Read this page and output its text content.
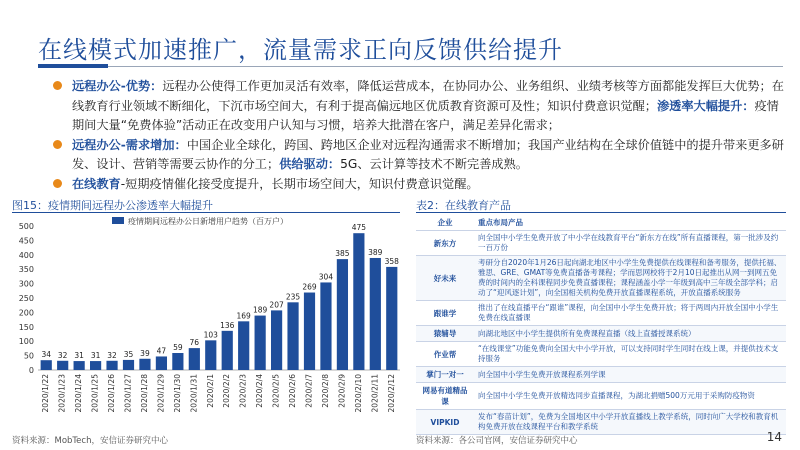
在线模式加速推广，流量需求正向反馈供给提升
远程办公-优势：远程办公使得工作更加灵活有效率，降低运营成本，在协同办公、业务组织、业绩考核等方面都能发挥巨大优势；在线教育行业领域不断细化，下沉市场空间大，有利于提高偏远地区优质教育资源可及性；知识付费意识觉醒；渗透率大幅提升：疫情期间大量“免费体验”活动正在改变用户认知与习惯，培养大批潜在客户，满足差异化需求；
远程办公-需求增加：中国企业全球化，跨国、跨地区企业对远程沟通需求不断增加；我国产业结构在全球价值链中的提升带来更多研发、设计、营销等需要云协作的分工；供给驱动：5G、云计算等技术不断完善成熟。
在线教育-短期疫情催化接受度提升，长期市场空间大，知识付费意识觉醒。
图15：疫情期间远程办公渗透率大幅提升
0
50
100
150
200
250
300
350
400
450
500
疫情期间远程办公日新增用户趋势（百万户）
34
2020/1/22
32
2020/1/23
31
2020/1/24
31
2020/1/25
32
2020/1/26
35
2020/1/27
39
2020/1/28
47
2020/1/29
59
2020/1/30
76
2020/1/31
103
2020/2/1
136
2020/2/2
169
2020/2/3
189
2020/2/4
207
2020/2/5
235
2020/2/6
269
2020/2/7
304
2020/2/8
385
2020/2/9
475
2020/2/10
389
2020/2/11
358
2020/2/12
资料来源：MobTech，安信证券研究中心
表2：在线教育产品
企业	重点布局产品
新东方	向全国中小学生免费开放了中小学在线教育平台“新东方在线”所有直播课程，第一批涉及约一百万份
好未来	考研分自2020年1月26日起向湖北地区中小学生免费提供在线课程和备考服务，提供托福、雅思、GRE、GMAT等免费直播备考课程；学而思网校将于2月10日起推出从网一到网五免费的时间内的全科课程同步免费直播课程；课程涵盖小学一年级到高中三年级全部学科；启动了“迎风逐计划”，向全国相关机构免费开放直播课程系统，开放直播系统服务
跟谁学	推出了在线直播平台“跟谁”课程，向全国中小学生免费开放；将于两周内开放全国中小学生免费在线直播课
猿辅导	向湖北地区中小学生提供所有免费课程直播（线上直播授课系统）
作业帮	“在线课堂”功能免费向全国大中小学开放，可以支持同时学生同时在线上课，并提供技术支持服务
掌门一对一	向全国中小学生免费开放课程系列学课
网易有道精品课	向全国中小学生免费开放精选同步直播课程，为湖北捐赠500万元用于采购防疫物资
VIPKID	发布“春苗计划”，免费为全国地区中小学开放直播线上教学系统，同时向广大学校和教育机构免费开放在线课程平台和教学系统
资料来源：各公司官网，安信证券研究中心	14
